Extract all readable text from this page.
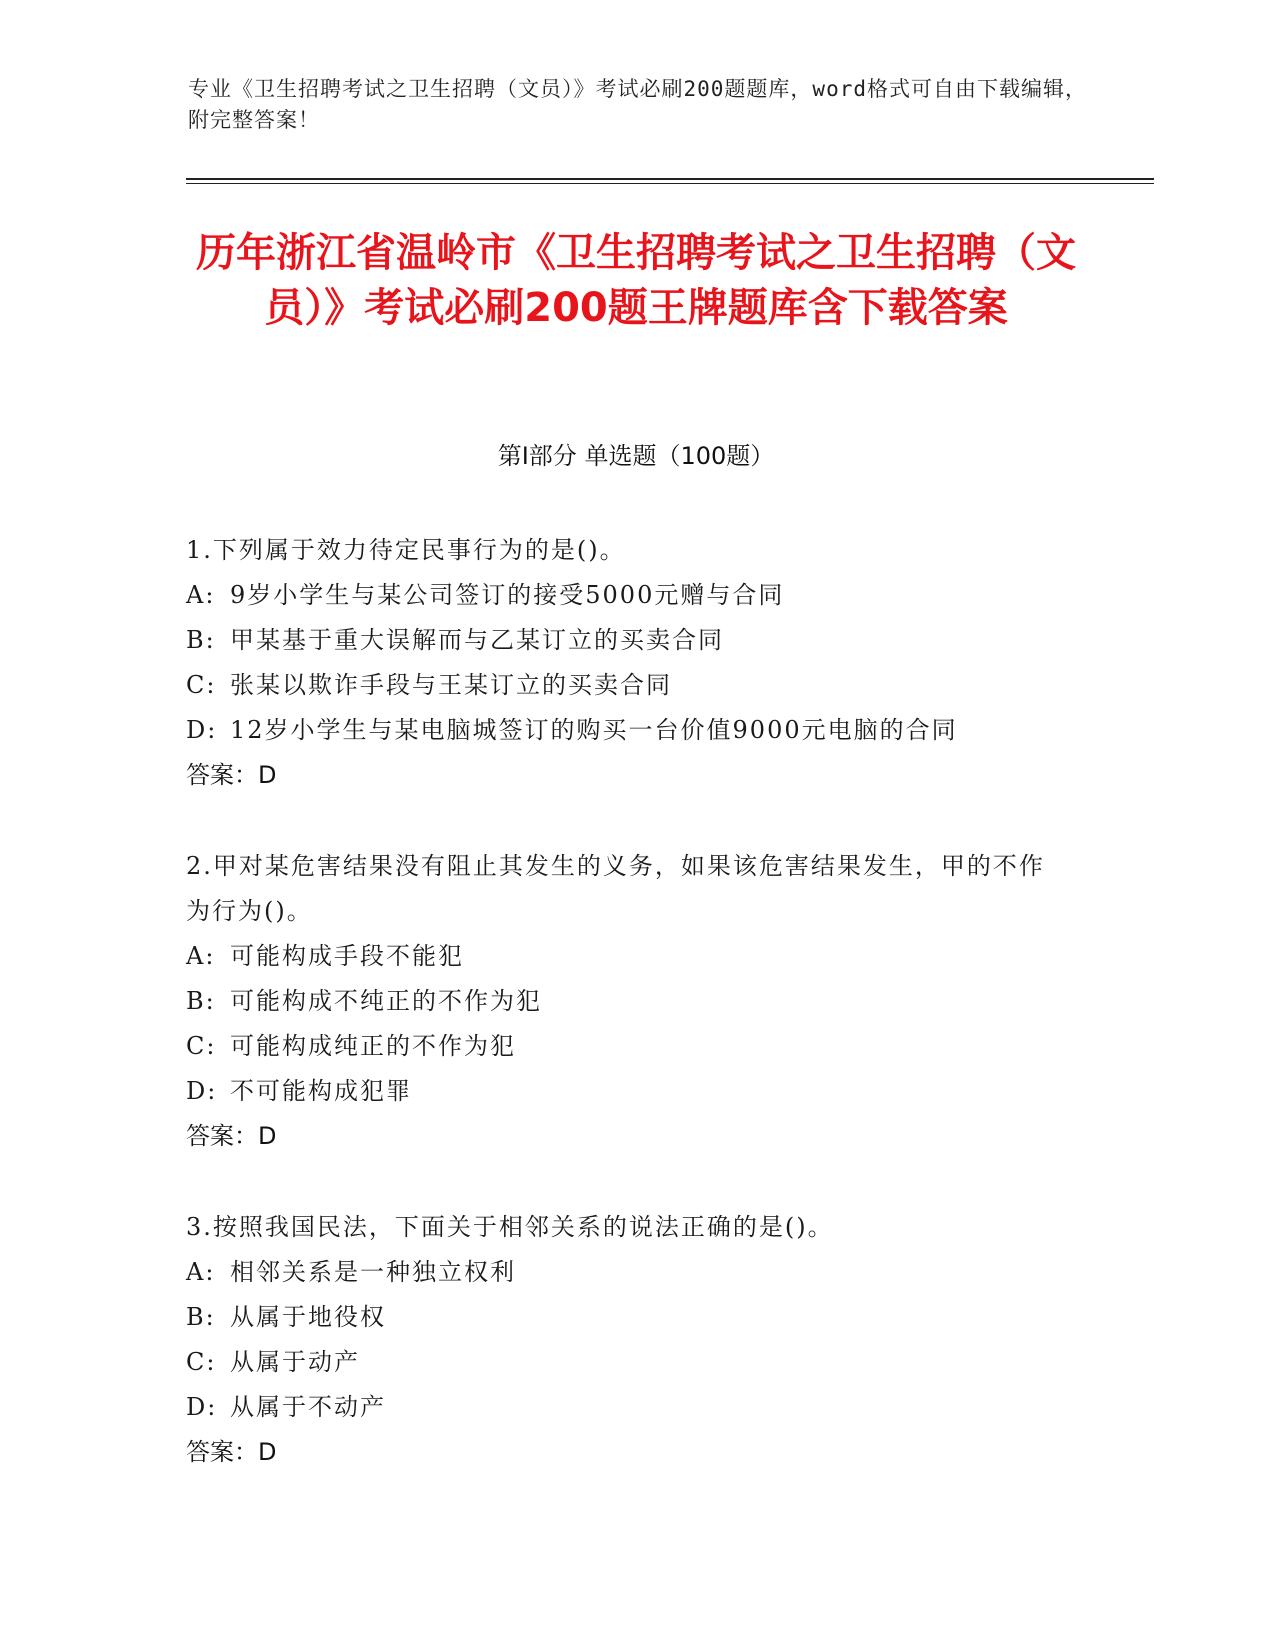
专业《卫生招聘考试之卫生招聘（文员）》考试必刷200题题库，word格式可自由下载编辑，附完整答案！
历年浙江省温岭市《卫生招聘考试之卫生招聘（文员）》考试必刷200题王牌题库含下载答案
第Ⅰ部分 单选题（100题）
1.下列属于效力待定民事行为的是()。
A: 9岁小学生与某公司签订的接受5000元赠与合同
B: 甲某基于重大误解而与乙某订立的买卖合同
C: 张某以欺诈手段与王某订立的买卖合同
D: 12岁小学生与某电脑城签订的购买一台价值9000元电脑的合同
答案：D
2.甲对某危害结果没有阻止其发生的义务，如果该危害结果发生，甲的不作为行为()。
A: 可能构成手段不能犯
B: 可能构成不纯正的不作为犯
C: 可能构成纯正的不作为犯
D: 不可能构成犯罪
答案：D
3.按照我国民法，下面关于相邻关系的说法正确的是()。
A: 相邻关系是一种独立权利
B: 从属于地役权
C: 从属于动产
D: 从属于不动产
答案：D
